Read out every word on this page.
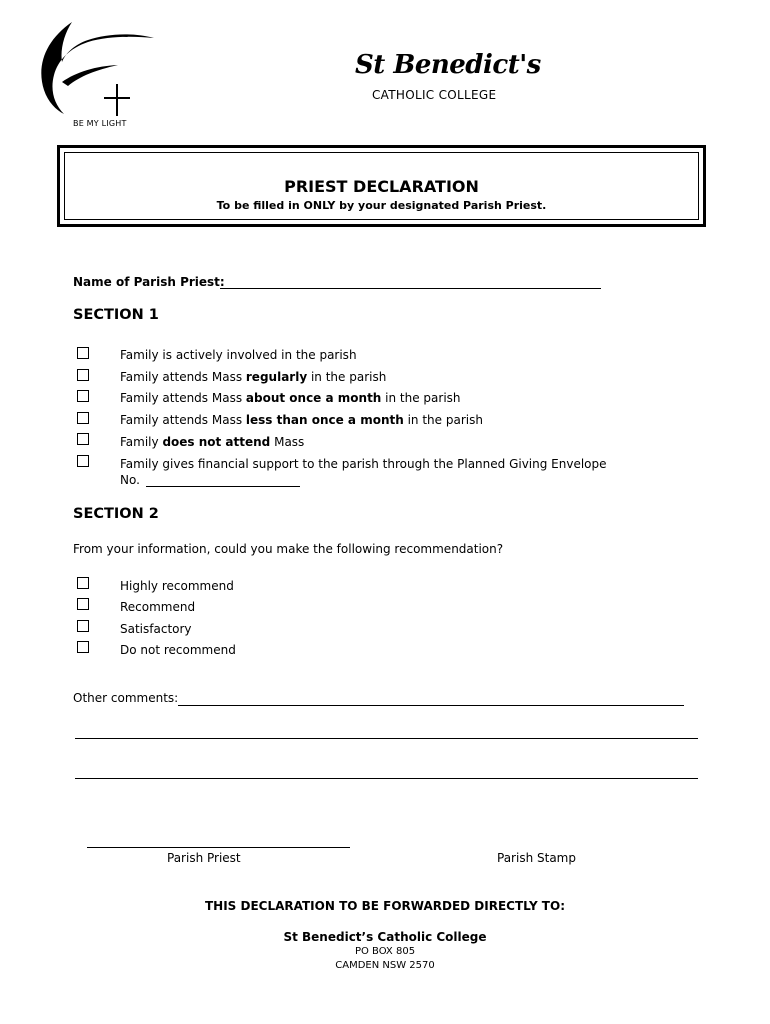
BE MY LIGHT
St Benedict's
CATHOLIC COLLEGE
PRIEST DECLARATION
To be filled in ONLY by your designated Parish Priest.
Name of Parish Priest:
SECTION 1
Family is actively involved in the parish
Family attends Mass regularly in the parish
Family attends Mass about once a month in the parish
Family attends Mass less than once a month in the parish
Family does not attend Mass
Family gives financial support to the parish through the Planned Giving Envelope
No.
SECTION 2
From your information, could you make the following recommendation?
Highly recommend
Recommend
Satisfactory
Do not recommend
Other comments:
Parish Priest	Parish Stamp
THIS DECLARATION TO BE FORWARDED DIRECTLY TO:
St Benedict’s Catholic College
PO BOX 805
CAMDEN NSW 2570
